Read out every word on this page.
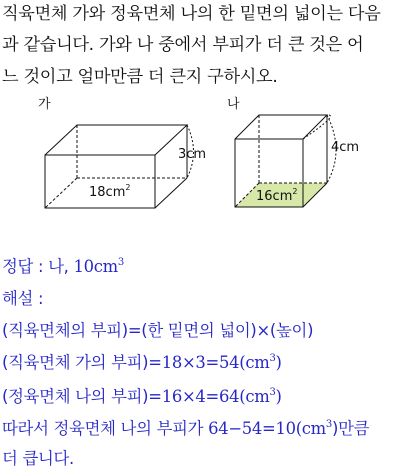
직육면체 가와 정육면체 나의 한 밑면의 넓이는 다음
과 같습니다. 가와 나 중에서 부피가 더 큰 것은 어
느 것이고 얼마만큼 더 큰지 구하시오.
가
3cm
$18cm^2$
나
4cm
$16cm^2$
정답 : 나, $10cm^3$
해설 :
(직육면체의 부피)=(한 밑면의 넓이)×(높이)
(직육면체 가의 부피)$=18\times 3=54(cm^3)$
(정육면체 나의 부피)$=16\times 4=64(cm^3)$
따라서 정육면체 나의 부피가 $64-54=10(cm^3)$만큼
더 큽니다.
